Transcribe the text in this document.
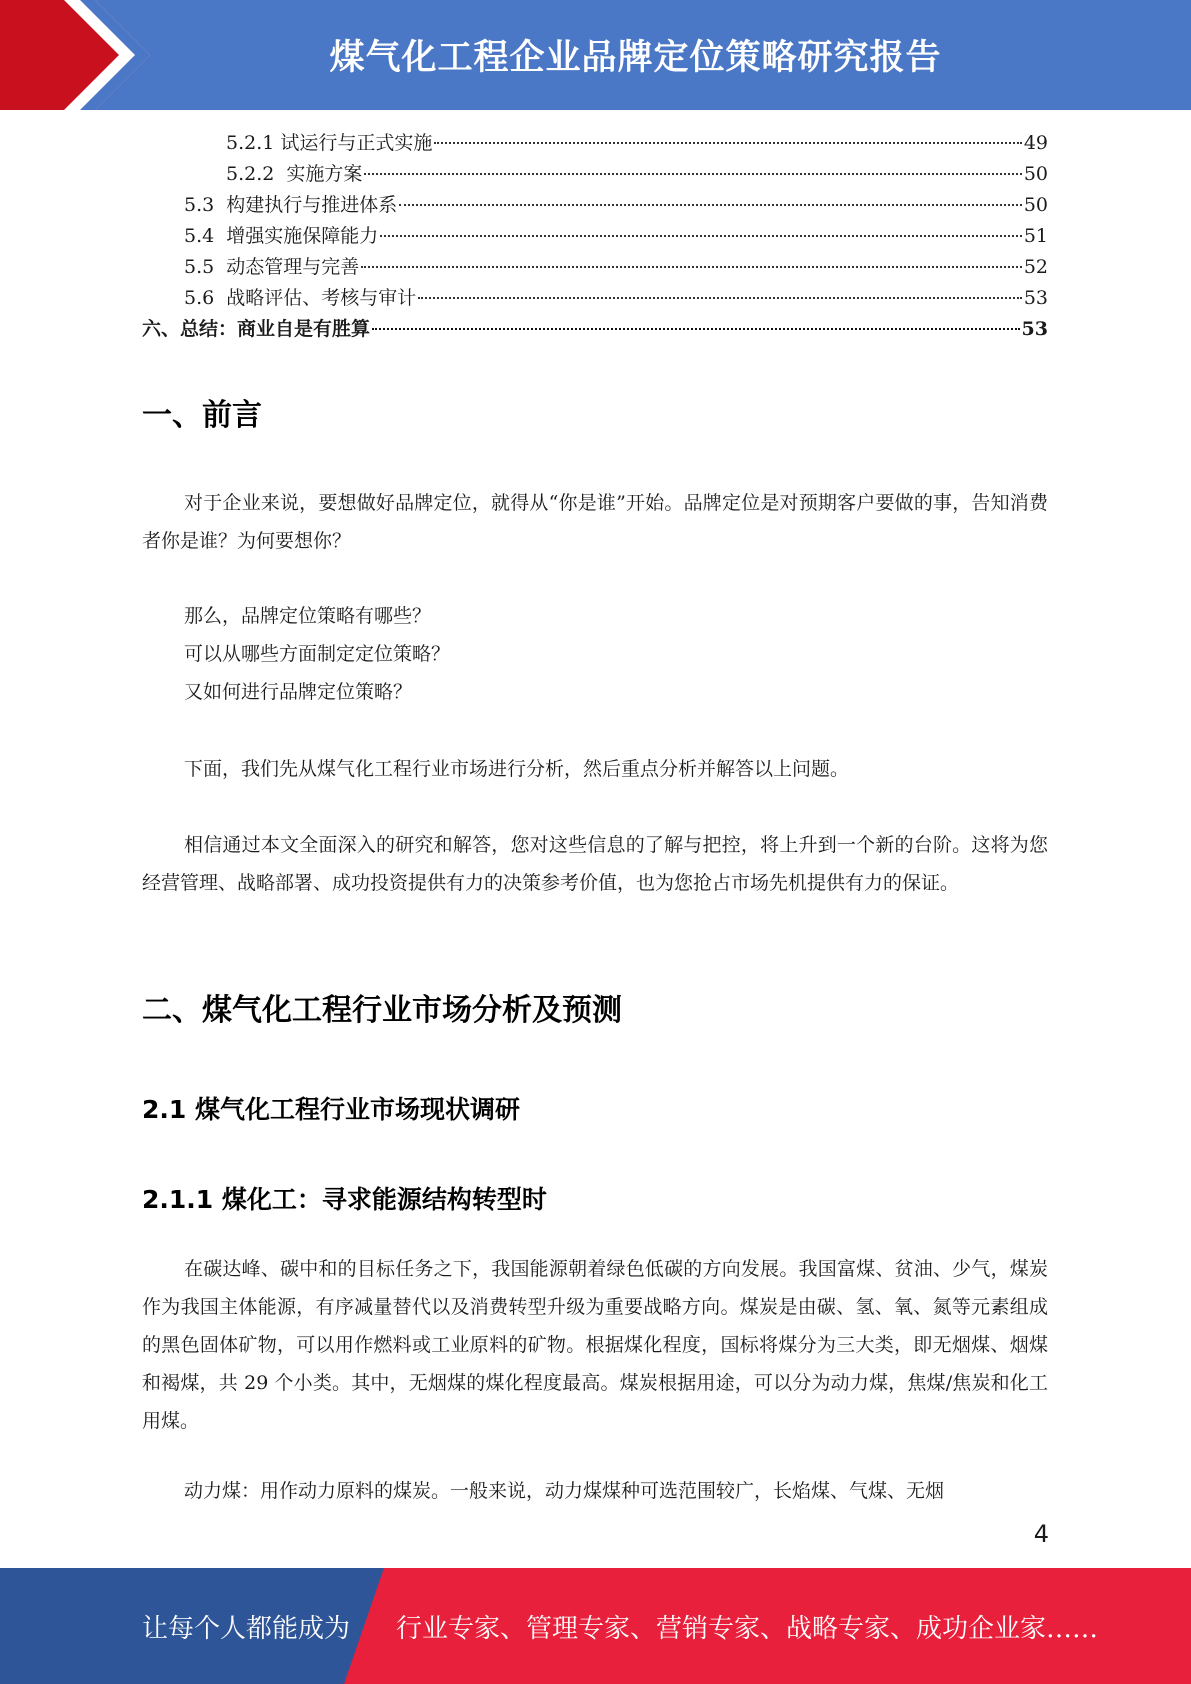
煤气化工程企业品牌定位策略研究报告
5.2.1 试运行与正式实施	49
5.2.2  实施方案	50
5.3  构建执行与推进体系	50
5.4  增强实施保障能力	51
5.5  动态管理与完善	52
5.6  战略评估、考核与审计	53
六、总结：商业自是有胜算	53
一、前言

对于企业来说，要想做好品牌定位，就得从“你是谁”开始。品牌定位是对预期客户要做的事，告知消费者你是谁？为何要想你？

那么，品牌定位策略有哪些？

可以从哪些方面制定定位策略？

又如何进行品牌定位策略？

下面，我们先从煤气化工程行业市场进行分析，然后重点分析并解答以上问题。

相信通过本文全面深入的研究和解答，您对这些信息的了解与把控，将上升到一个新的台阶。这将为您经营管理、战略部署、成功投资提供有力的决策参考价值，也为您抢占市场先机提供有力的保证。

二、煤气化工程行业市场分析及预测
2.1 煤气化工程行业市场现状调研
2.1.1 煤化工：寻求能源结构转型时

在碳达峰、碳中和的目标任务之下，我国能源朝着绿色低碳的方向发展。我国富煤、贫油、少气，煤炭作为我国主体能源，有序减量替代以及消费转型升级为重要战略方向。煤炭是由碳、氢、氧、氮等元素组成的黑色固体矿物，可以用作燃料或工业原料的矿物。根据煤化程度，国标将煤分为三大类，即无烟煤、烟煤和褐煤，共 29 个小类。其中，无烟煤的煤化程度最高。煤炭根据用途，可以分为动力煤，焦煤/焦炭和化工用煤。

动力煤：用作动力原料的煤炭。一般来说，动力煤煤种可选范围较广，长焰煤、气煤、无烟

4
让每个人都能成为 行业专家、管理专家、营销专家、战略专家、成功企业家……
